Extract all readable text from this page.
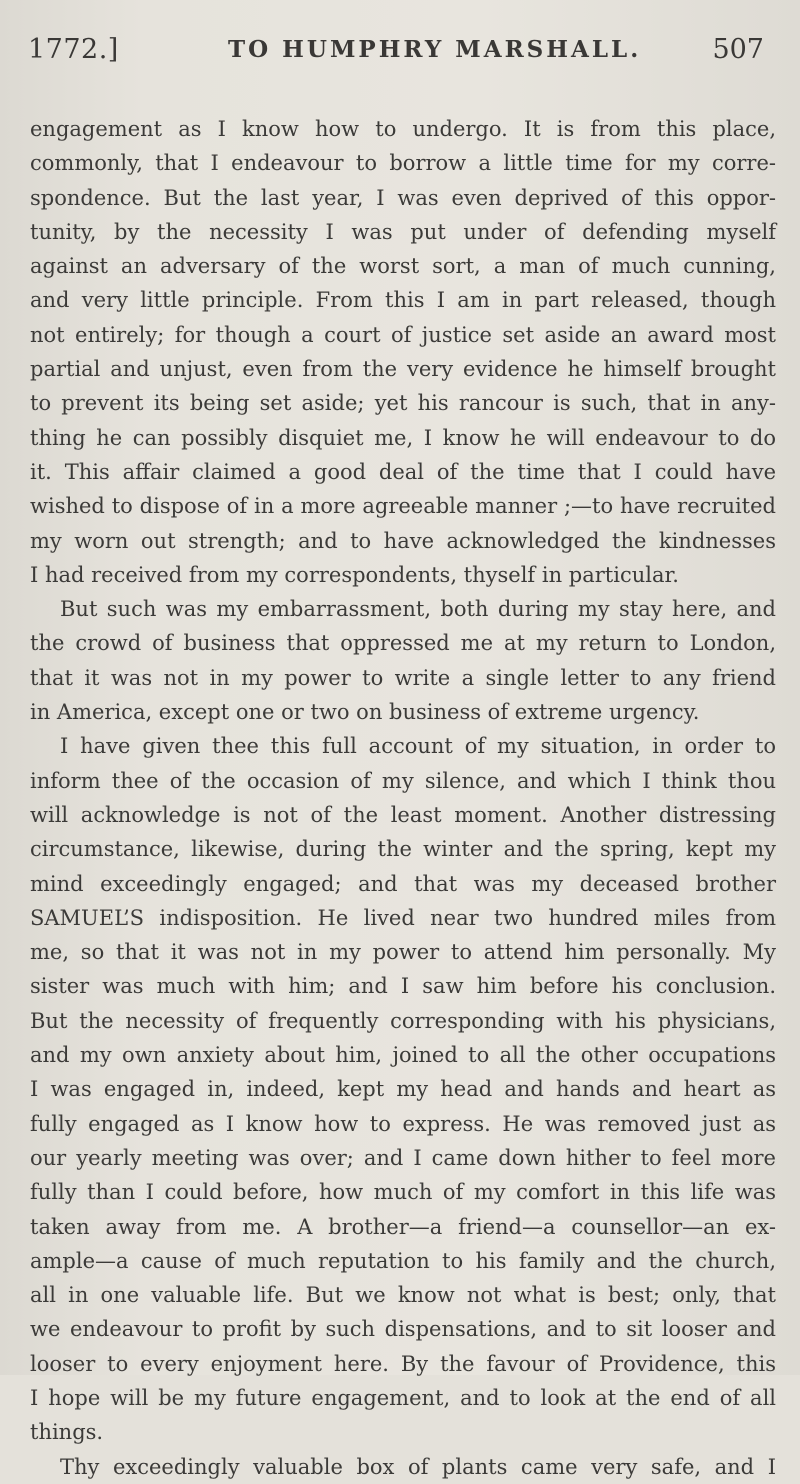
1772.]	TO HUMPHRY MARSHALL.	507
engagement as I know how to undergo. It is from this place,
commonly, that I endeavour to borrow a little time for my corre-
spondence. But the last year, I was even deprived of this oppor-
tunity, by the necessity I was put under of defending myself
against an adversary of the worst sort, a man of much cunning,
and very little principle. From this I am in part released, though
not entirely; for though a court of justice set aside an award most
partial and unjust, even from the very evidence he himself brought
to prevent its being set aside; yet his rancour is such, that in any-
thing he can possibly disquiet me, I know he will endeavour to do
it. This affair claimed a good deal of the time that I could have
wished to dispose of in a more agreeable manner ;—to have recruited
my worn out strength; and to have acknowledged the kindnesses
I had received from my correspondents, thyself in particular.
But such was my embarrassment, both during my stay here, and
the crowd of business that oppressed me at my return to London,
that it was not in my power to write a single letter to any friend
in America, except one or two on business of extreme urgency.
I have given thee this full account of my situation, in order to
inform thee of the occasion of my silence, and which I think thou
will acknowledge is not of the least moment. Another distressing
circumstance, likewise, during the winter and the spring, kept my
mind exceedingly engaged; and that was my deceased brother
SAMUEL’S indisposition. He lived near two hundred miles from
me, so that it was not in my power to attend him personally. My
sister was much with him; and I saw him before his conclusion.
But the necessity of frequently corresponding with his physicians,
and my own anxiety about him, joined to all the other occupations
I was engaged in, indeed, kept my head and hands and heart as
fully engaged as I know how to express. He was removed just as
our yearly meeting was over; and I came down hither to feel more
fully than I could before, how much of my comfort in this life was
taken away from me. A brother—a friend—a counsellor—an ex-
ample—a cause of much reputation to his family and the church,
all in one valuable life. But we know not what is best; only, that
we endeavour to profit by such dispensations, and to sit looser and
looser to every enjoyment here. By the favour of Providence, this
I hope will be my future engagement, and to look at the end of all
things.
Thy exceedingly valuable box of plants came very safe, and I
